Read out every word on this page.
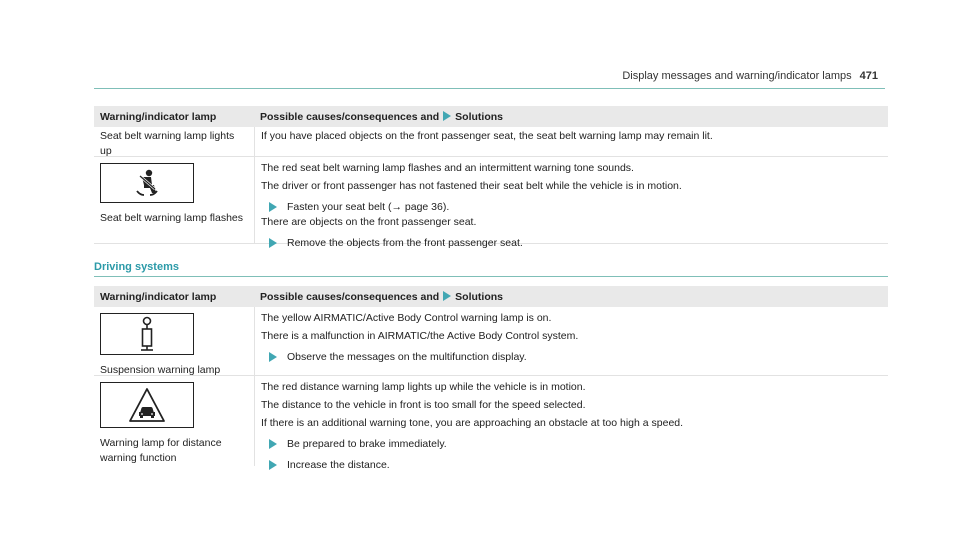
Display messages and warning/indicator lamps 471
Warning/indicator lamp	Possible causes/consequences and Solutions
Seat belt warning lamp lights up

If you have placed objects on the front passenger seat, the seat belt warning lamp may remain lit.

Seat belt warning lamp flashes

The red seat belt warning lamp flashes and an intermittent warning tone sounds.

The driver or front passenger has not fastened their seat belt while the vehicle is in motion.

Fasten your seat belt (→ page 36).

There are objects on the front passenger seat.

Remove the objects from the front passenger seat.
Driving systems
Warning/indicator lamp	Possible causes/consequences and Solutions
Suspension warning lamp

The yellow AIRMATIC/Active Body Control warning lamp is on.

There is a malfunction in AIRMATIC/the Active Body Control system.

Observe the messages on the multifunction display.
Warning lamp for distance warning function

The red distance warning lamp lights up while the vehicle is in motion.

The distance to the vehicle in front is too small for the speed selected.

If there is an additional warning tone, you are approaching an obstacle at too high a speed.

Be prepared to brake immediately.
Increase the distance.
